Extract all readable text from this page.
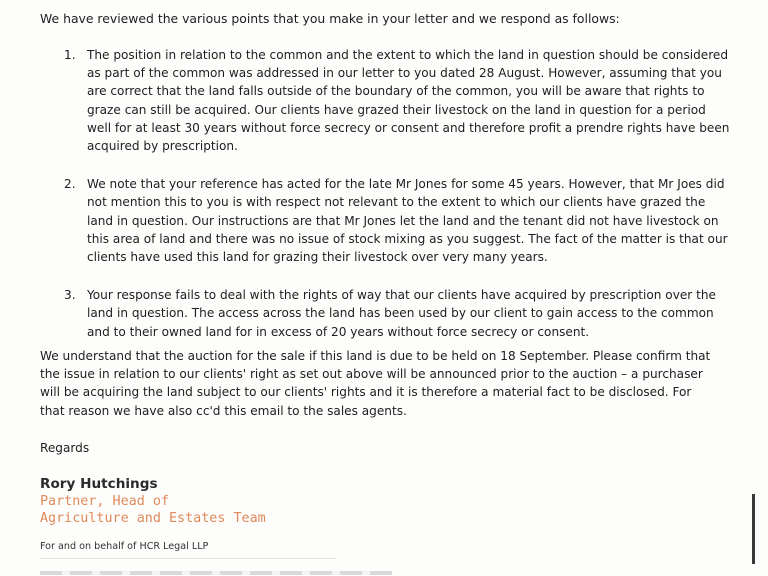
We have reviewed the various points that you make in your letter and we respond as follows:

1. The position in relation to the common and the extent to which the land in question should be considered as part of the common was addressed in our letter to you dated 28 August. However, assuming that you are correct that the land falls outside of the boundary of the common, you will be aware that rights to graze can still be acquired. Our clients have grazed their livestock on the land in question for a period well for at least 30 years without force secrecy or consent and therefore profit a prendre rights have been acquired by prescription.
2. We note that your reference has acted for the late Mr Jones for some 45 years. However, that Mr Joes did not mention this to you is with respect not relevant to the extent to which our clients have grazed the land in question. Our instructions are that Mr Jones let the land and the tenant did not have livestock on this area of land and there was no issue of stock mixing as you suggest. The fact of the matter is that our clients have used this land for grazing their livestock over very many years.
3. Your response fails to deal with the rights of way that our clients have acquired by prescription over the land in question. The access across the land has been used by our client to gain access to the common and to their owned land for in excess of 20 years without force secrecy or consent.

We understand that the auction for the sale if this land is due to be held on 18 September. Please confirm that the issue in relation to our clients' right as set out above will be announced prior to the auction – a purchaser will be acquiring the land subject to our clients' rights and it is therefore a material fact to be disclosed. For that reason we have also cc'd this email to the sales agents.

Regards

Rory Hutchings

Partner, Head of
Agriculture and Estates Team

For and on behalf of HCR Legal LLP
